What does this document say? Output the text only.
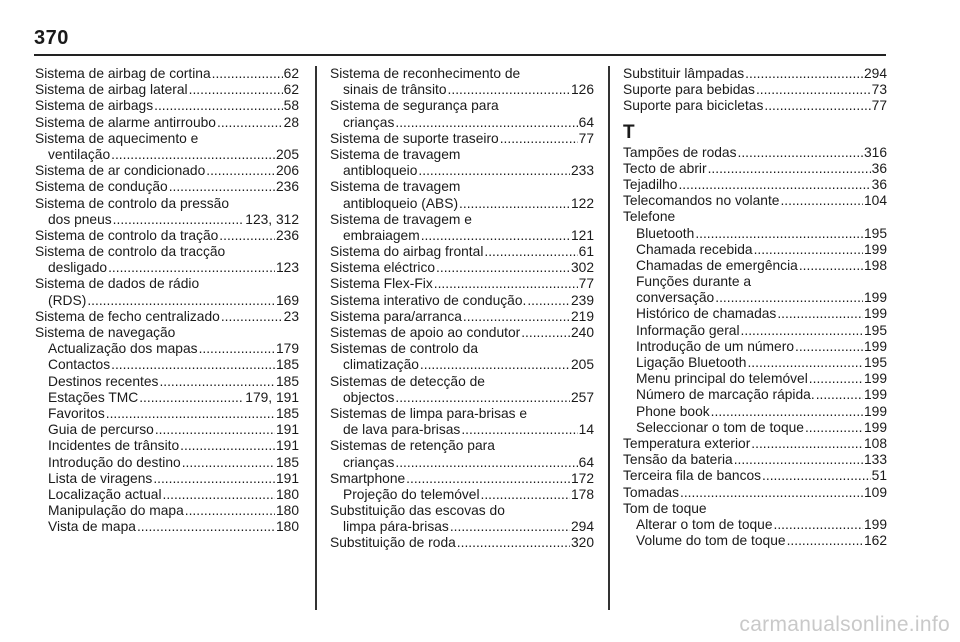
370
Sistema de airbag de cortina .....	62
Sistema de airbag lateral .....	62
Sistema de airbags .....	58
Sistema de alarme antirroubo .....	28
Sistema de aquecimento e
ventilação .....	205
Sistema de ar condicionado .....	206
Sistema de condução .....	236
Sistema de controlo da pressão
dos pneus .....	123, 312
Sistema de controlo da tração .....	236
Sistema de controlo da tracção
desligado .....	123
Sistema de dados de rádio
(RDS) .....	169
Sistema de fecho centralizado .....	23
Sistema de navegação
Actualização dos mapas .....	179
Contactos .....	185
Destinos recentes .....	185
Estações TMC .....	179, 191
Favoritos .....	185
Guia de percurso .....	191
Incidentes de trânsito .....	191
Introdução do destino .....	185
Lista de viragens .....	191
Localização actual .....	180
Manipulação do mapa .....	180
Vista de mapa .....	180
Sistema de reconhecimento de
sinais de trânsito .....	126
Sistema de segurança para
crianças .....	64
Sistema de suporte traseiro .....	77
Sistema de travagem
antibloqueio .....	233
Sistema de travagem
antibloqueio (ABS) .....	122
Sistema de travagem e
embraiagem .....	121
Sistema do airbag frontal .....	61
Sistema eléctrico .....	302
Sistema Flex-Fix .....	77
Sistema interativo de condução. .....	239
Sistema para/arranca .....	219
Sistemas de apoio ao condutor .....	240
Sistemas de controlo da
climatização .....	205
Sistemas de detecção de
objectos .....	257
Sistemas de limpa para-brisas e
de lava para-brisas .....	14
Sistemas de retenção para
crianças .....	64
Smartphone .....	172
Projeção do telemóvel .....	178
Substituição das escovas do
limpa pára-brisas .....	294
Substituição de roda .....	320
Substituir lâmpadas .....	294
Suporte para bebidas .....	73
Suporte para bicicletas .....	77
T
Tampões de rodas .....	316
Tecto de abrir .....	36
Tejadilho .....	36
Telecomandos no volante .....	104
Telefone
Bluetooth .....	195
Chamada recebida .....	199
Chamadas de emergência .....	198
Funções durante a
conversação .....	199
Histórico de chamadas .....	199
Informação geral .....	195
Introdução de um número .....	199
Ligação Bluetooth .....	195
Menu principal do telemóvel .....	199
Número de marcação rápida. .....	199
Phone book .....	199
Seleccionar o tom de toque .....	199
Temperatura exterior .....	108
Tensão da bateria .....	133
Terceira fila de bancos .....	51
Tomadas .....	109
Tom de toque
Alterar o tom de toque .....	199
Volume do tom de toque .....	162
carmanualsonline.info
